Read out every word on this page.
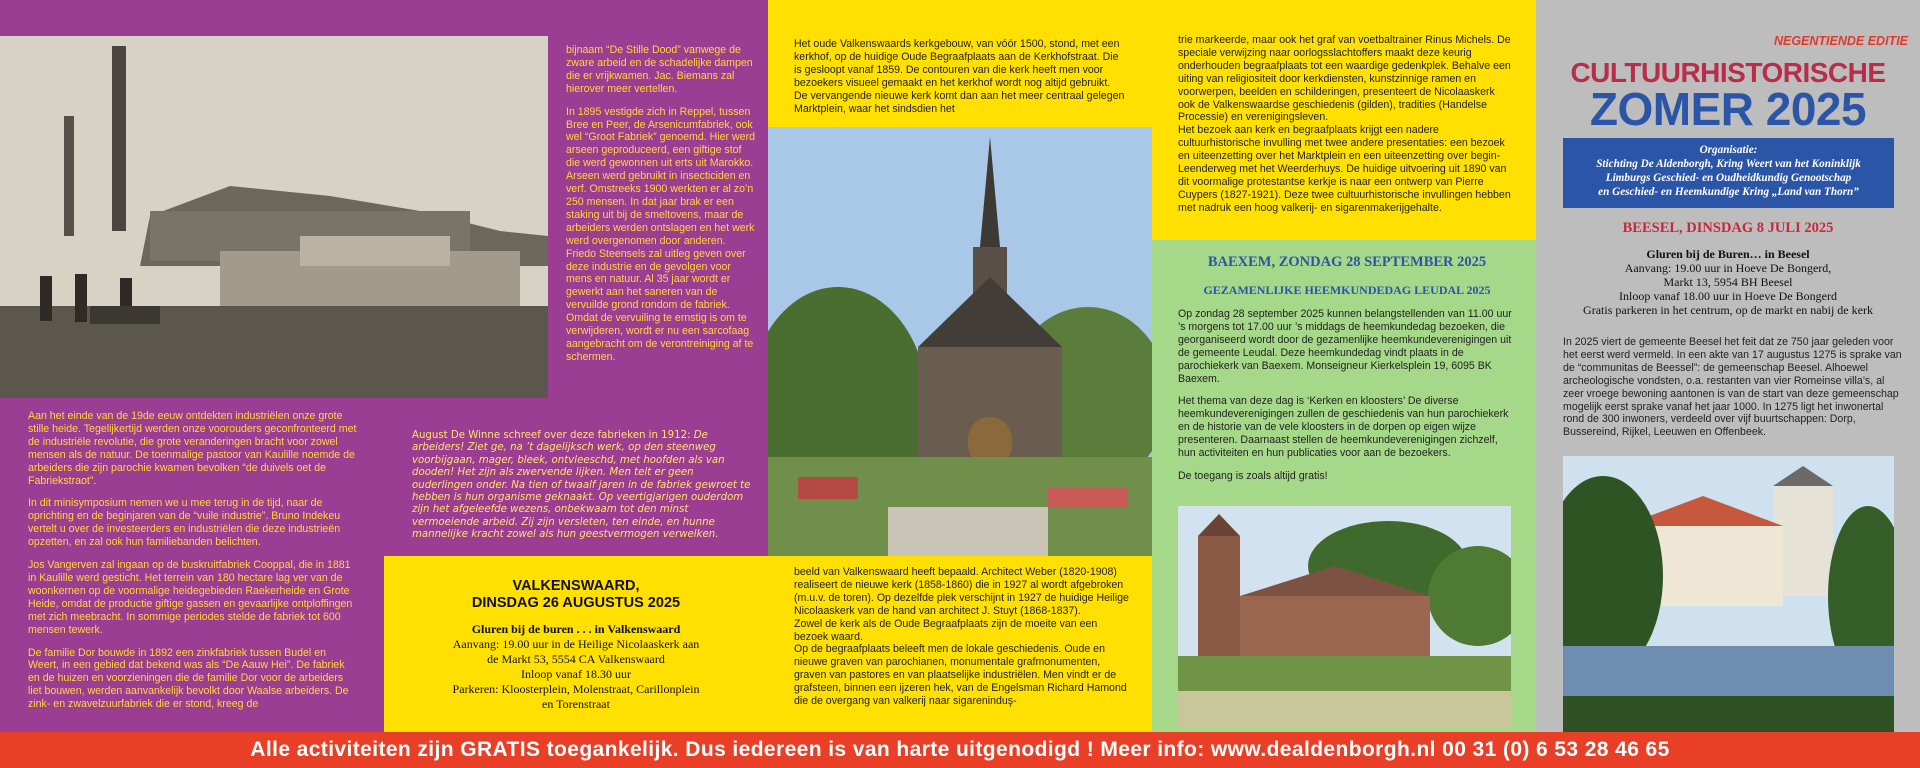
bijnaam “De Stille Dood” vanwege de zware arbeid en de schadelijke dampen die er vrijkwamen. Jac. Biemans zal hierover meer vertellen.

In 1895 vestigde zich in Reppel, tussen Bree en Peer, de Arsenicumfabriek, ook wel “Groot Fabriek” genoemd. Hier werd arseen geproduceerd, een giftige stof die werd gewonnen uit erts uit Marokko. Arseen werd gebruikt in insecticiden en verf. Omstreeks 1900 werkten er al zo’n 250 mensen. In dat jaar brak er een staking uit bij de smeltovens, maar de arbeiders werden ontslagen en het werk werd overgenomen door anderen. Friedo Steensels zal uitleg geven over deze industrie en de gevolgen voor mens en natuur. Al 35 jaar wordt er gewerkt aan het saneren van de vervuilde grond rondom de fabriek. Omdat de vervuiling te ernstig is om te verwijderen, wordt er nu een sarcofaag aangebracht om de verontreiniging af te schermen.

Aan het einde van de 19de eeuw ontdekten industriëlen onze grote stille heide. Tegelijkertijd werden onze voorouders geconfronteerd met de industriële revolutie, die grote veranderingen bracht voor zowel mensen als de natuur. De toenmalige pastoor van Kaulille noemde de arbeiders die zijn parochie kwamen bevolken “de duivels oet de Fabriekstraot”.

In dit minisymposium nemen we u mee terug in de tijd, naar de oprichting en de beginjaren van de “vuile industrie”. Bruno Indekeu vertelt u over de investeerders en industriëlen die deze industrieën opzetten, en zal ook hun familiebanden belichten.

Jos Vangerven zal ingaan op de buskruitfabriek Cooppal, die in 1881 in Kaulille werd gesticht. Het terrein van 180 hectare lag ver van de woonkernen op de voormalige heidegebieden Raekerheide en Grote Heide, omdat de productie giftige gassen en gevaarlijke ontploffingen met zich meebracht. In sommige periodes stelde de fabriek tot 600 mensen tewerk.

De familie Dor bouwde in 1892 een zinkfabriek tussen Budel en Weert, in een gebied dat bekend was als “De Aauw Hei”. De fabriek en de huizen en voorzieningen die de familie Dor voor de arbeiders liet bouwen, werden aanvankelijk bevolkt door Waalse arbeiders. De zink- en zwavelzuurfabriek die er stond, kreeg de

August De Winne schreef over deze fabrieken in 1912: De arbeiders! Ziet ge, na ’t dagelijksch werk, op den steenweg voorbijgaan, mager, bleek, ontvleeschd, met hoofden als van dooden! Het zijn als zwervende lijken. Men telt er geen ouderlingen onder. Na tien of twaalf jaren in de fabriek gewroet te hebben is hun organisme geknaakt. Op veertigjarigen ouderdom zijn het afgeleefde wezens, onbekwaam tot den minst vermoeiende arbeid. Zij zijn versleten, ten einde, en hunne mannelijke kracht zowel als hun geestvermogen verwelken.
VALKENSWAARD,
DINSDAG 26 AUGUSTUS 2025
Gluren bij de buren . . . in Valkenswaard
Aanvang: 19.00 uur in de Heilige Nicolaaskerk aan
de Markt 53, 5554 CA Valkenswaard
Inloop vanaf 18.30 uur
Parkeren: Kloosterplein, Molenstraat, Carillonplein
en Torenstraat

Het oude Valkenswaards kerkgebouw, van vóór 1500, stond, met een kerkhof, op de huidige Oude Begraafplaats aan de Kerkhofstraat. Die is gesloopt vanaf 1859. De contouren van die kerk heeft men voor bezoekers visueel gemaakt en het kerkhof wordt nog altijd gebruikt. De vervangende nieuwe kerk komt dan aan het meer centraal gelegen Marktplein, waar het sindsdien het

beeld van Valkenswaard heeft bepaald. Architect Weber (1820-1908) realiseert de nieuwe kerk (1858-1860) die in 1927 al wordt afgebroken (m.u.v. de toren). Op dezelfde plek verschijnt in 1927 de huidige Heilige Nicolaaskerk van de hand van architect J. Stuyt (1868-1837).
Zowel de kerk als de Oude Begraafplaats zijn de moeite van een bezoek waard.
Op de begraafplaats beleeft men de lokale geschiedenis. Oude en nieuwe graven van parochianen, monumentale grafmonumenten, graven van pastores en van plaatselijke industriëlen. Men vindt er de grafsteen, binnen een ijzeren hek, van de Engelsman Richard Hamond die de overgang van valkerij naar sigareninduş-

trie markeerde, maar ook het graf van voetbaltrainer Rinus Michels. De speciale verwijzing naar oorlogsslachtoffers maakt deze keurig onderhouden begraafplaats tot een waardige gedenkplek. Behalve een uiting van religiositeit door kerkdiensten, kunstzinnige ramen en voorwerpen, beelden en schilderingen, presenteert de Nicolaaskerk ook de Valkenswaardse geschiedenis (gilden), tradities (Handelse Processie) en verenigingsleven.
Het bezoek aan kerk en begraafplaats krijgt een nadere cultuurhistorische invulling met twee andere presentaties: een bezoek en uiteenzetting over het Marktplein en een uiteenzetting over begin-Leenderweg met het Weerderhuys. De huidige uitvoering uit 1890 van dit voormalige protestantse kerkje is naar een ontwerp van Pierre Cuypers (1827-1921). Deze twee cultuurhistorische invullingen hebben met nadruk een hoog valkerij- en sigarenmakerijgehalte.

BAEXEM, ZONDAG 28 SEPTEMBER 2025
GEZAMENLIJKE HEEMKUNDEDAG LEUDAL 2025

Op zondag 28 september 2025 kunnen belangstellenden van 11.00 uur ’s morgens tot 17.00 uur ’s middags de heemkundedag bezoeken, die georganiseerd wordt door de gezamenlijke heemkundeverenigingen uit de gemeente Leudal. Deze heemkundedag vindt plaats in de parochiekerk van Baexem. Monseigneur Kierkelsplein 19, 6095 BK Baexem.

Het thema van deze dag is ‘Kerken en kloosters’ De diverse heemkundeverenigingen zullen de geschiedenis van hun parochiekerk en de historie van de vele kloosters in de dorpen op eigen wijze presenteren. Daarnaast stellen de heemkundeverenigingen zichzelf, hun activiteiten en hun publicaties voor aan de bezoekers.

De toegang is zoals altijd gratis!

NEGENTIENDE EDITIE
CULTUURHISTORISCHE
ZOMER 2025
Organisatie:
Stichting De Aldenborgh, Kring Weert van het Koninklijk
Limburgs Geschied- en Oudheidkundig Genootschap
en Geschied- en Heemkundige Kring „Land van Thorn”
BEESEL, DINSDAG 8 JULI 2025
Gluren bij de Buren… in Beesel
Aanvang: 19.00 uur in Hoeve De Bongerd,
Markt 13, 5954 BH Beesel
Inloop vanaf 18.00 uur in Hoeve De Bongerd
Gratis parkeren in het centrum, op de markt en nabij de kerk

In 2025 viert de gemeente Beesel het feit dat ze 750 jaar geleden voor het eerst werd vermeld. In een akte van 17 augustus 1275 is sprake van de “communitas de Beessel”: de gemeenschap Beesel. Alhoewel archeologische vondsten, o.a. restanten van vier Romeinse villa’s, al zeer vroege bewoning aantonen is van de start van deze gemeenschap mogelijk eerst sprake vanaf het jaar 1000. In 1275 ligt het inwonertal rond de 300 inwoners, verdeeld over vijf buurtschappen: Dorp, Bussereind, Rijkel, Leeuwen en Offenbeek.

Alle activiteiten zijn GRATIS toegankelijk. Dus iedereen is van harte uitgenodigd ! Meer info: www.dealdenborgh.nl 00 31 (0) 6 53 28 46 65
